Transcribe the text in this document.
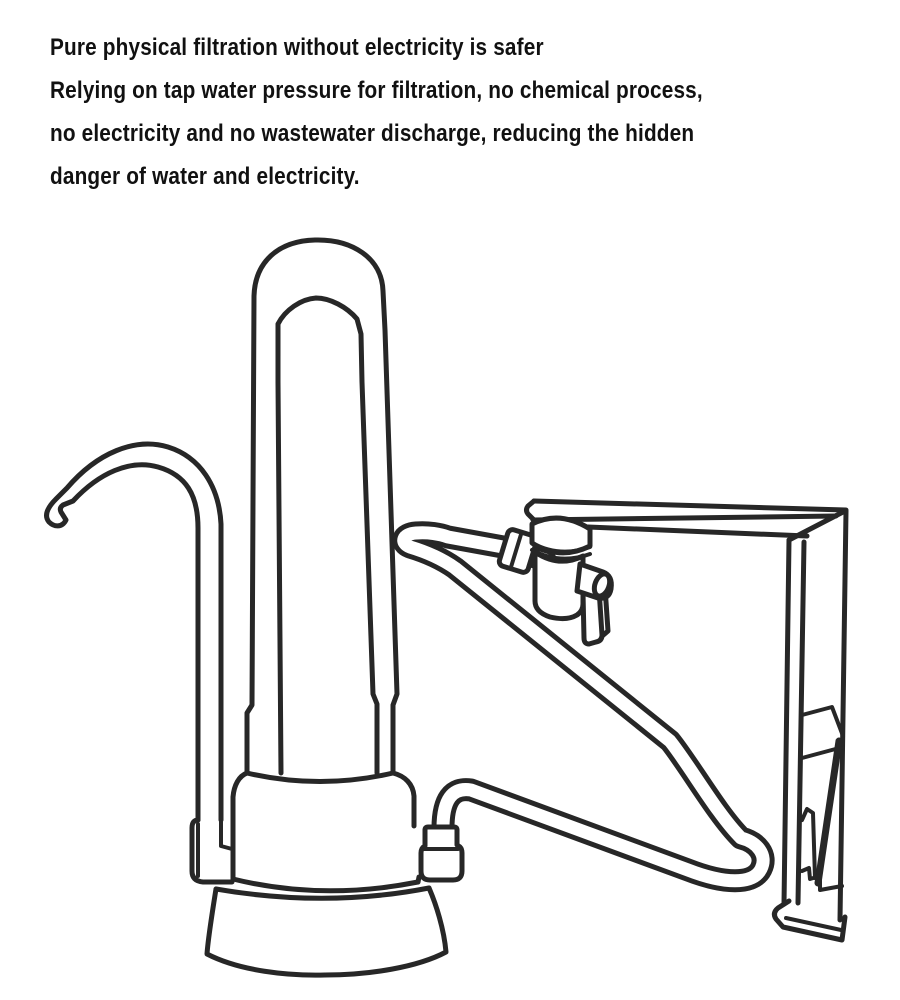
Pure physical filtration without electricity is safer
Relying on tap water pressure for filtration, no chemical process,
no electricity and no wastewater discharge, reducing the hidden
danger of water and electricity.
